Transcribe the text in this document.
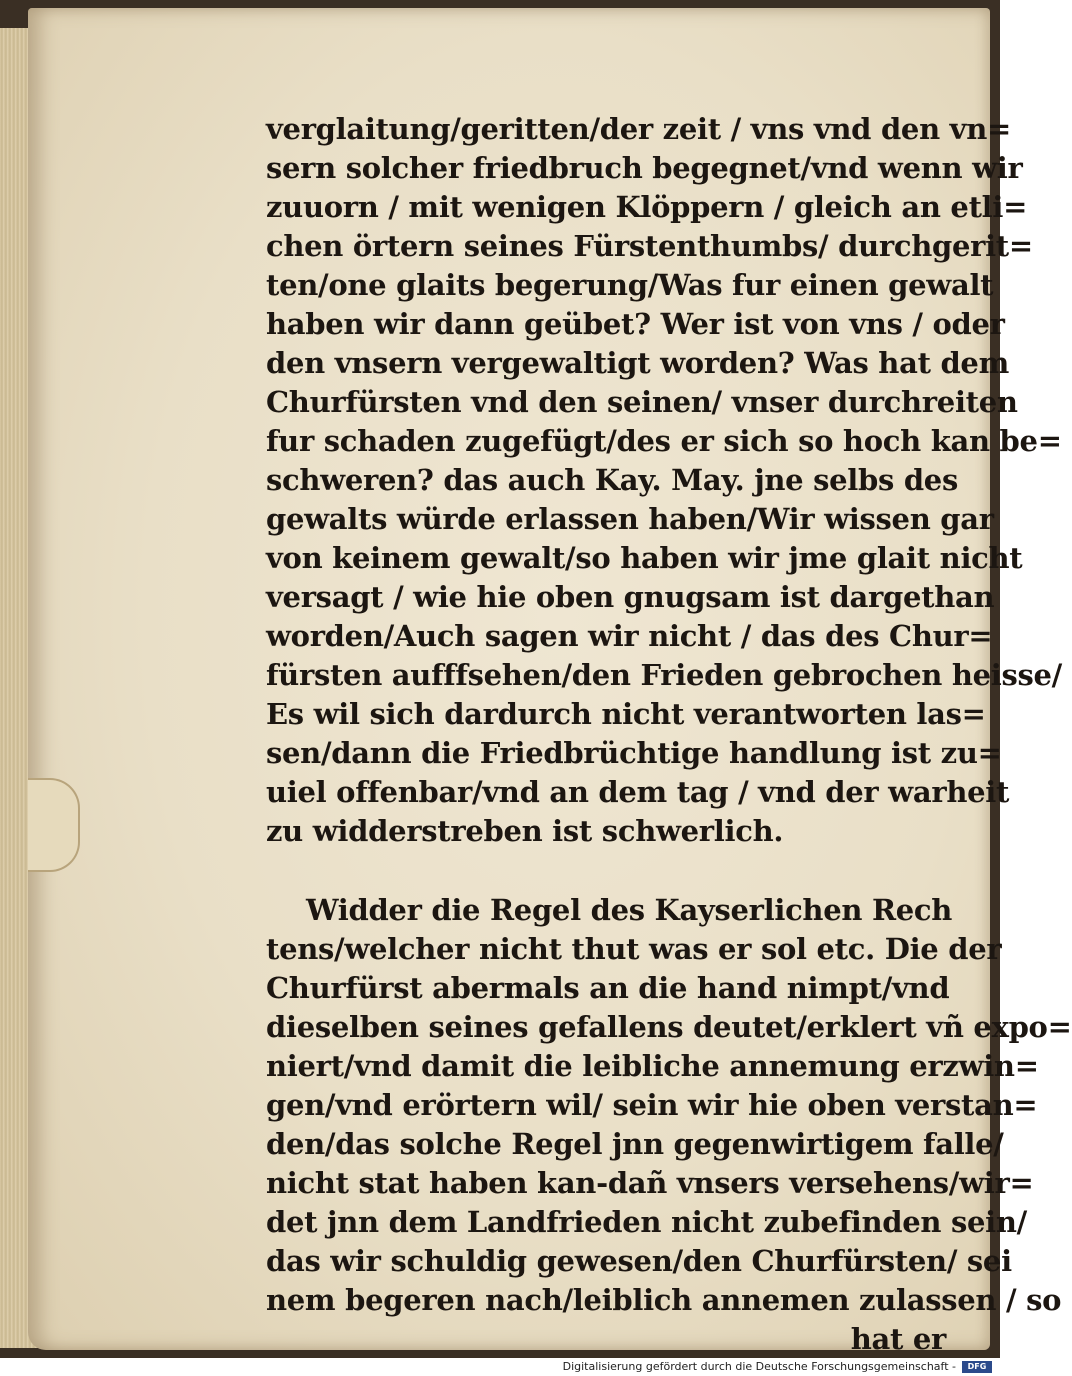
verglaitung/geritten/der zeit / vns vnd den vn=
sern solcher friedbruch begegnet/vnd wenn wir
zuuorn / mit wenigen Klöppern / gleich an etli=
chen örtern seines Fürstenthumbs/ durchgerit=
ten/one glaits begerung/Was fur einen gewalt
haben wir dann geübet? Wer ist von vns / oder
den vnsern vergewaltigt worden? Was hat dem
Churfürsten vnd den seinen/ vnser durchreiten
fur schaden zugefügt/des er sich so hoch kan be=
schweren? das auch Kay. May. jne selbs des
gewalts würde erlassen haben/Wir wissen gar
von keinem gewalt/so haben wir jme glait nicht
versagt / wie hie oben gnugsam ist dargethan
worden/Auch sagen wir nicht / das des Chur=
fürsten aufffsehen/den Frieden gebrochen heisse/
Es wil sich dardurch nicht verantworten las=
sen/dann die Friedbrüchtige handlung ist zu=
uiel offenbar/vnd an dem tag / vnd der warheit
zu widderstreben ist schwerlich.
Widder die Regel des Kayserlichen Rech
tens/welcher nicht thut was er sol etc. Die der
Churfürst abermals an die hand nimpt/vnd
dieselben seines gefallens deutet/erklert vñ expo=
niert/vnd damit die leibliche annemung erzwin=
gen/vnd erörtern wil/ sein wir hie oben verstan=
den/das solche Regel jnn gegenwirtigem falle/
nicht stat haben kan-dañ vnsers versehens/wir=
det jnn dem Landfrieden nicht zubefinden sein/
das wir schuldig gewesen/den Churfürsten/ sei
nem begeren nach/leiblich annemen zulassen / so
hat er
Digitalisierung gefördert durch die Deutsche Forschungsgemeinschaft -	DFG
